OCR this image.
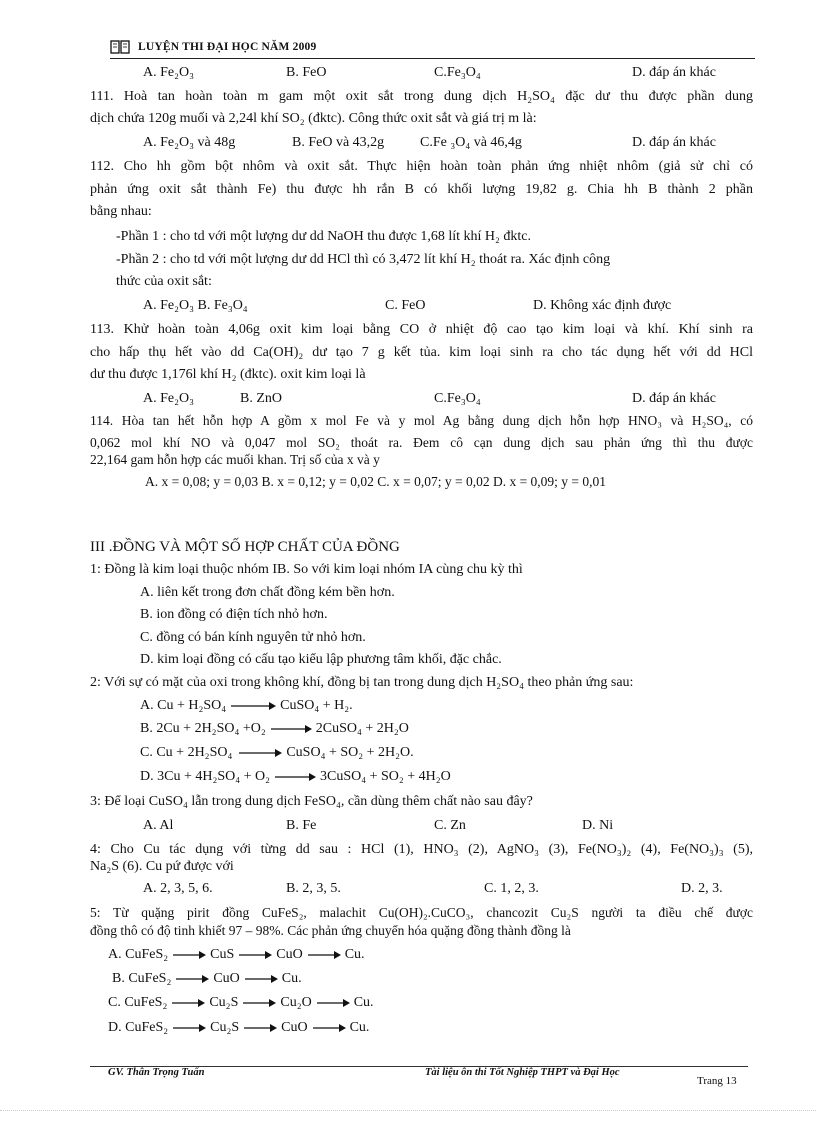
LUYỆN THI ĐẠI HỌC NĂM 2009
A. Fe₂O₃	B. FeO	C.Fe₃O₄	D. đáp án khác
111. Hoà tan hoàn toàn m gam một oxit sắt trong dung dịch H₂SO₄ đặc dư thu được phần dung
dịch chứa 120g muối và 2,24l khí SO₂ (đktc). Công thức oxit sắt và giá trị m là:
A. Fe₂O₃ và 48g	B. FeO và 43,2g	C.Fe ₃O₄ và 46,4g	D. đáp án khác
112. Cho hh gồm bột nhôm và oxit sắt. Thực hiện hoàn toàn phản ứng nhiệt nhôm (giả sử chỉ có
phản ứng oxit sắt thành Fe) thu được hh rắn B có khối lượng 19,82 g. Chia hh B thành 2 phần
bằng nhau:
-Phần 1 : cho td với một lượng dư dd NaOH thu được 1,68 lít khí H₂ đktc.
-Phần 2 : cho td với một lượng dư dd HCl thì có 3,472 lít khí H₂ thoát ra. Xác định công
thức của oxit sắt:
A. Fe₂O₃ B. Fe₃O₄	C. FeO	D. Không xác định được
113. Khử hoàn toàn 4,06g oxit kim loại bằng CO ở nhiệt độ cao tạo kim loại và khí. Khí sinh ra
cho hấp thụ hết vào dd Ca(OH)₂ dư tạo 7 g kết tủa. kim loại sinh ra cho tác dụng hết với dd HCl
dư thu được 1,176l khí H₂ (đktc). oxit kim loại là
A. Fe₂O₃	B. ZnO	C.Fe₃O₄	D. đáp án khác
114. Hòa tan hết hỗn hợp A gồm x mol Fe và y mol Ag bằng dung dịch hỗn hợp HNO₃ và H₂SO₄, có
0,062 mol khí NO và 0,047 mol SO₂ thoát ra. Đem cô cạn dung dịch sau phản ứng thì thu được
22,164 gam hỗn hợp các muối khan. Trị số của x và y
A. x = 0,08; y = 0,03 B. x = 0,12; y = 0,02 C. x = 0,07; y = 0,02 D. x = 0,09; y = 0,01
III .ĐỒNG VÀ MỘT SỐ HỢP CHẤT CỦA ĐỒNG
1: Đồng là kim loại thuộc nhóm IB. So với kim loại nhóm IA cùng chu kỳ thì
A. liên kết trong đơn chất đồng kém bền hơn.
B. ion đồng có điện tích nhỏ hơn.
C. đồng có bán kính nguyên tử nhỏ hơn.
D. kim loại đồng có cấu tạo kiểu lập phương tâm khối, đặc chắc.
2: Với sự có mặt của oxi trong không khí, đồng bị tan trong dung dịch H₂SO₄ theo phản ứng sau:
A. Cu + H₂SO₄	CuSO₄ + H₂.
B. 2Cu + 2H₂SO₄ +O₂	2CuSO₄ + 2H₂O
C. Cu + 2H₂SO₄	CuSO₄ + SO₂ + 2H₂O.
D. 3Cu + 4H₂SO₄ + O₂	3CuSO₄ + SO₂ + 4H₂O
3: Để loại CuSO₄ lẫn trong dung dịch FeSO₄, cần dùng thêm chất nào sau đây?
A. Al	B. Fe	C. Zn	D. Ni
4: Cho Cu tác dụng với từng dd sau : HCl (1), HNO₃ (2), AgNO₃ (3), Fe(NO₃)₂ (4), Fe(NO₃)₃ (5),
Na₂S (6). Cu pứ được với
A. 2, 3, 5, 6.	B. 2, 3, 5.	C. 1, 2, 3.	D. 2, 3.
5: Từ quặng pirit đồng CuFeS₂, malachit Cu(OH)₂.CuCO₃, chancozit Cu₂S người ta điều chế được
đồng thô có độ tinh khiết 97 – 98%. Các phản ứng chuyển hóa quặng đồng thành đồng là
A. CuFeS₂	CuS	CuO	Cu.
B. CuFeS₂	CuO	Cu.
C. CuFeS₂	Cu₂S	Cu₂O	Cu.
D. CuFeS₂	Cu₂S	CuO	Cu.
GV. Thân Trọng Tuấn	Tài liệu ôn thi Tốt Nghiệp THPT và Đại Học
Trang 13
